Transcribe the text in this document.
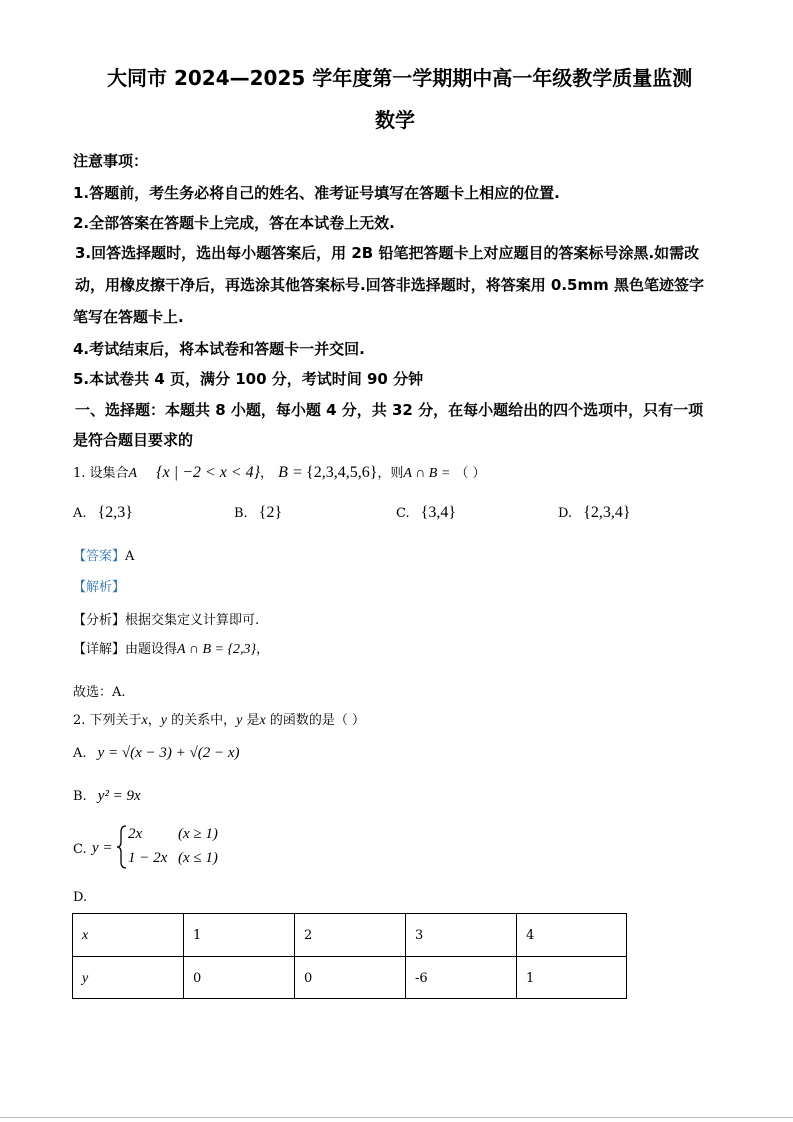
大同市 2024—2025 学年度第一学期期中高一年级教学质量监测
数学
注意事项：
1.答题前，考生务必将自己的姓名、准考证号填写在答题卡上相应的位置.
2.全部答案在答题卡上完成，答在本试卷上无效.
3.回答选择题时，选出每小题答案后，用 2B 铅笔把答题卡上对应题目的答案标号涂黑.如需改
动，用橡皮擦干净后，再选涂其他答案标号.回答非选择题时，将答案用 0.5mm 黑色笔迹签字
笔写在答题卡上.
4.考试结束后，将本试卷和答题卡一并交回.
5.本试卷共 4 页，满分 100 分，考试时间 90 分钟
一、选择题：本题共 8 小题，每小题 4 分，共 32 分，在每小题给出的四个选项中，只有一项
是符合题目要求的
1. 设集合A {x | −2 < x < 4}， B = {2,3,4,5,6}，则A ∩ B = （ ）
A. {2,3}	B. {2}	C. {3,4}	D. {2,3,4}
【答案】A
【解析】
【分析】根据交集定义计算即可.
【详解】由题设得A ∩ B = {2,3}，
故选：A.
2. 下列关于x，y 的关系中，y 是x 的函数的是（ ）
A. y = √(x − 3) + √(2 − x)
B. y² = 9x
C. y =
2x (x ≥ 1)
1 − 2x (x ≤ 1)
D.
x	1	2	3	4
y	0	0	-6	1
